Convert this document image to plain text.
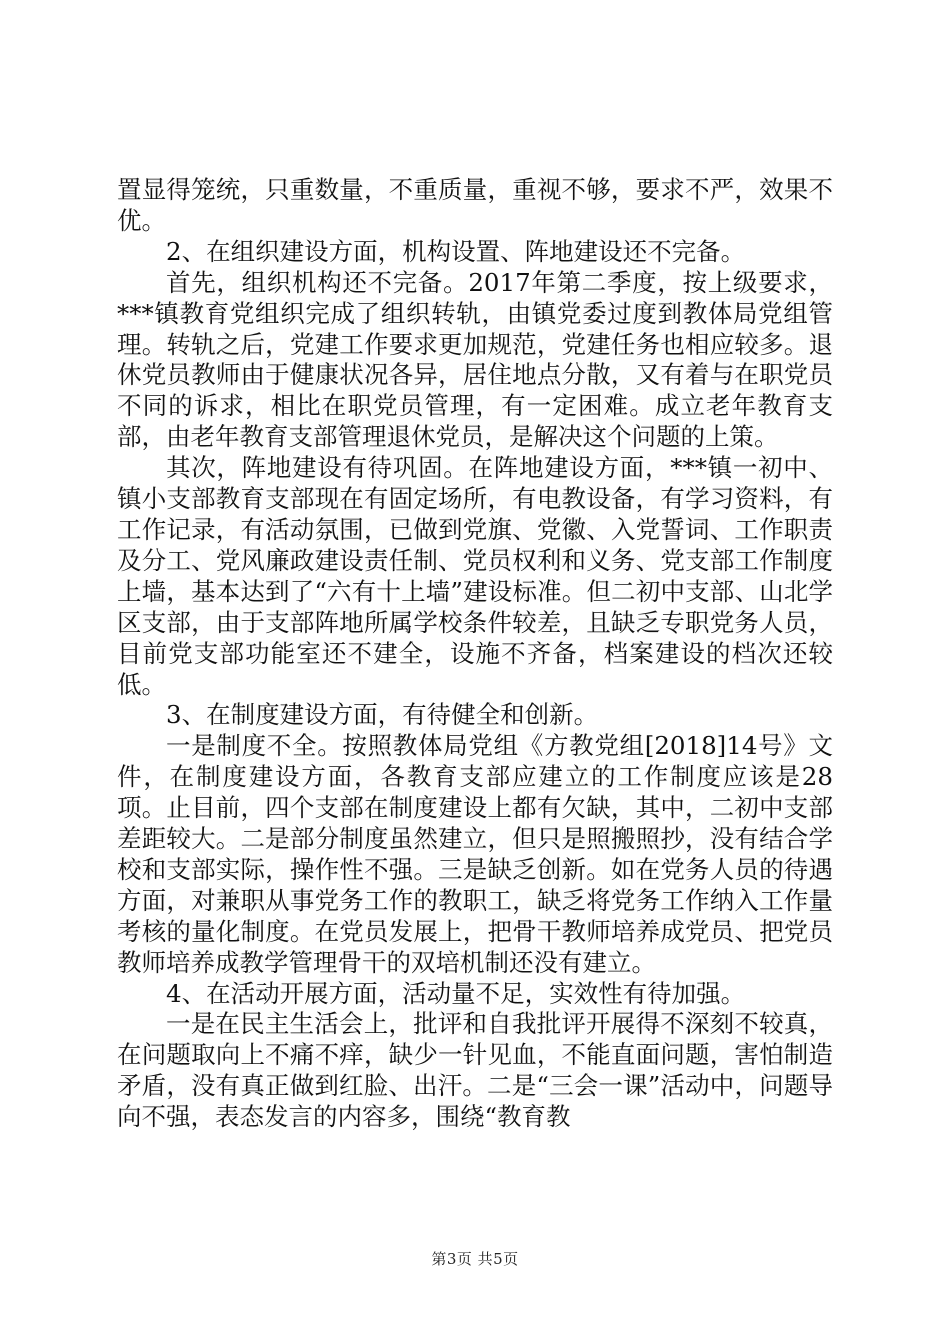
置显得笼统，只重数量，不重质量，重视不够，要求不严，效果不优。

2、在组织建设方面，机构设置、阵地建设还不完备。

首先，组织机构还不完备。2017年第二季度，按上级要求，***镇教育党组织完成了组织转轨，由镇党委过度到教体局党组管理。转轨之后，党建工作要求更加规范，党建任务也相应较多。退休党员教师由于健康状况各异，居住地点分散，又有着与在职党员不同的诉求，相比在职党员管理，有一定困难。成立老年教育支部，由老年教育支部管理退休党员，是解决这个问题的上策。

其次，阵地建设有待巩固。在阵地建设方面，***镇一初中、镇小支部教育支部现在有固定场所，有电教设备，有学习资料，有工作记录，有活动氛围，已做到党旗、党徽、入党誓词、工作职责及分工、党风廉政建设责任制、党员权利和义务、党支部工作制度上墙，基本达到了“六有十上墙”建设标准。但二初中支部、山北学区支部，由于支部阵地所属学校条件较差，且缺乏专职党务人员，目前党支部功能室还不建全，设施不齐备，档案建设的档次还较低。

3、在制度建设方面，有待健全和创新。

一是制度不全。按照教体局党组《方教党组[2018]14号》文件，在制度建设方面，各教育支部应建立的工作制度应该是28项。止目前，四个支部在制度建设上都有欠缺，其中，二初中支部差距较大。二是部分制度虽然建立，但只是照搬照抄，没有结合学校和支部实际，操作性不强。三是缺乏创新。如在党务人员的待遇方面，对兼职从事党务工作的教职工，缺乏将党务工作纳入工作量考核的量化制度。在党员发展上，把骨干教师培养成党员、把党员教师培养成教学管理骨干的双培机制还没有建立。

4、在活动开展方面，活动量不足，实效性有待加强。

一是在民主生活会上，批评和自我批评开展得不深刻不较真，在问题取向上不痛不痒，缺少一针见血，不能直面问题，害怕制造矛盾，没有真正做到红脸、出汗。二是“三会一课”活动中，问题导向不强，表态发言的内容多，围绕“教育教

第3页 共5页
